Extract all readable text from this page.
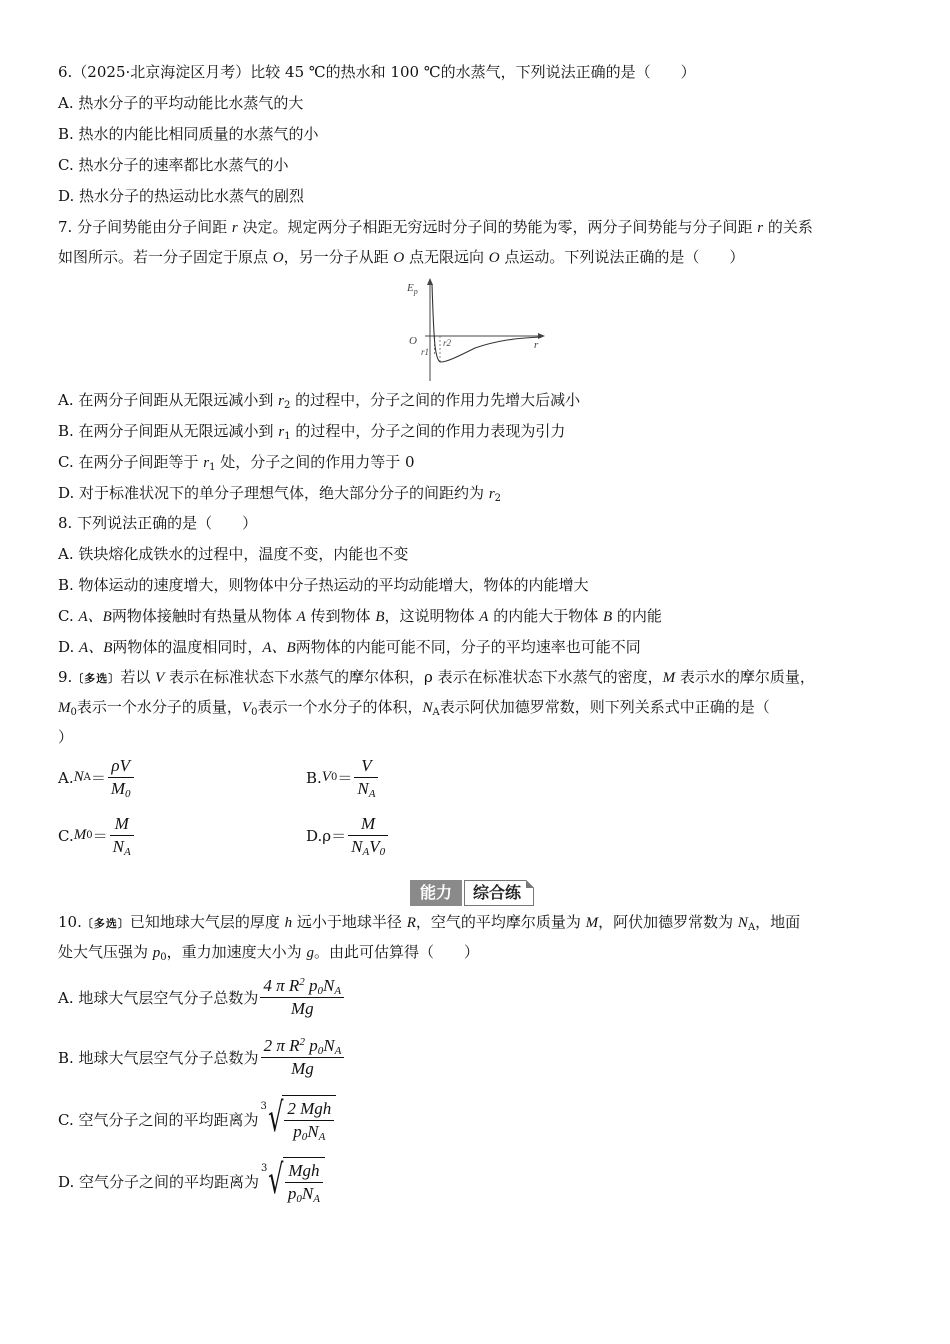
6.（2025·北京海淀区月考）比较 45 ℃的热水和 100 ℃的水蒸气，下列说法正确的是（　　）
A. 热水分子的平均动能比水蒸气的大
B. 热水的内能比相同质量的水蒸气的小
C. 热水分子的速率都比水蒸气的小
D. 热水分子的热运动比水蒸气的剧烈
7. 分子间势能由分子间距 r 决定。规定两分子相距无穷远时分子间的势能为零，两分子间势能与分子间距 r 的关系
如图所示。若一分子固定于原点 O，另一分子从距 O 点无限远向 O 点运动。下列说法正确的是（　　）
$E_p$
O	r
r1
r2
A. 在两分子间距从无限远减小到 $r_2$ 的过程中，分子之间的作用力先增大后减小
B. 在两分子间距从无限远减小到 $r_1$ 的过程中，分子之间的作用力表现为引力
C. 在两分子间距等于 $r_1$ 处，分子之间的作用力等于 0
D. 对于标准状况下的单分子理想气体，绝大部分分子的间距约为 $r_2$
8. 下列说法正确的是（　　）
A. 铁块熔化成铁水的过程中，温度不变，内能也不变
B. 物体运动的速度增大，则物体中分子热运动的平均动能增大，物体的内能增大
C. A、B两物体接触时有热量从物体 A 传到物体 B，这说明物体 A 的内能大于物体 B 的内能
D. A、B两物体的温度相同时，A、B两物体的内能可能不同，分子的平均速率也可能不同
9.〔多选〕若以 V 表示在标准状态下水蒸气的摩尔体积，ρ 表示在标准状态下水蒸气的密度，M 表示水的摩尔质量，
$M_0$表示一个水分子的质量，$V_0$表示一个水分子的体积，$N_A$表示阿伏加德罗常数，则下列关系式中正确的是（
）
A. N $A = \frac{\rho V}{M_0}$	B. V $0 = \frac{V}{N_A}$
C. M $0 = \frac{M}{N_A}$	D. $\rho = \frac{M}{N_AV_0}$
能力	综合练
10.〔多选〕已知地球大气层的厚度 h 远小于地球半径 R，空气的平均摩尔质量为 M，阿伏加德罗常数为 $N_A$，地面
处大气压强为 $p_0$，重力加速度大小为 g。由此可估算得（　　）
A. 地球大气层空气分子总数为 $\frac{4 \pi R^2 p_0N_A}{Mg}$
B. 地球大气层空气分子总数为 $\frac{2 \pi R^2 p_0N_A}{Mg}$
C. 空气分子之间的平均距离为
3 √ $\frac{\text{2 Mgh}}{p_0N_A}$
D. 空气分子之间的平均距离为
3 √ $\frac{\text{Mgh}}{p_0N_A}$
